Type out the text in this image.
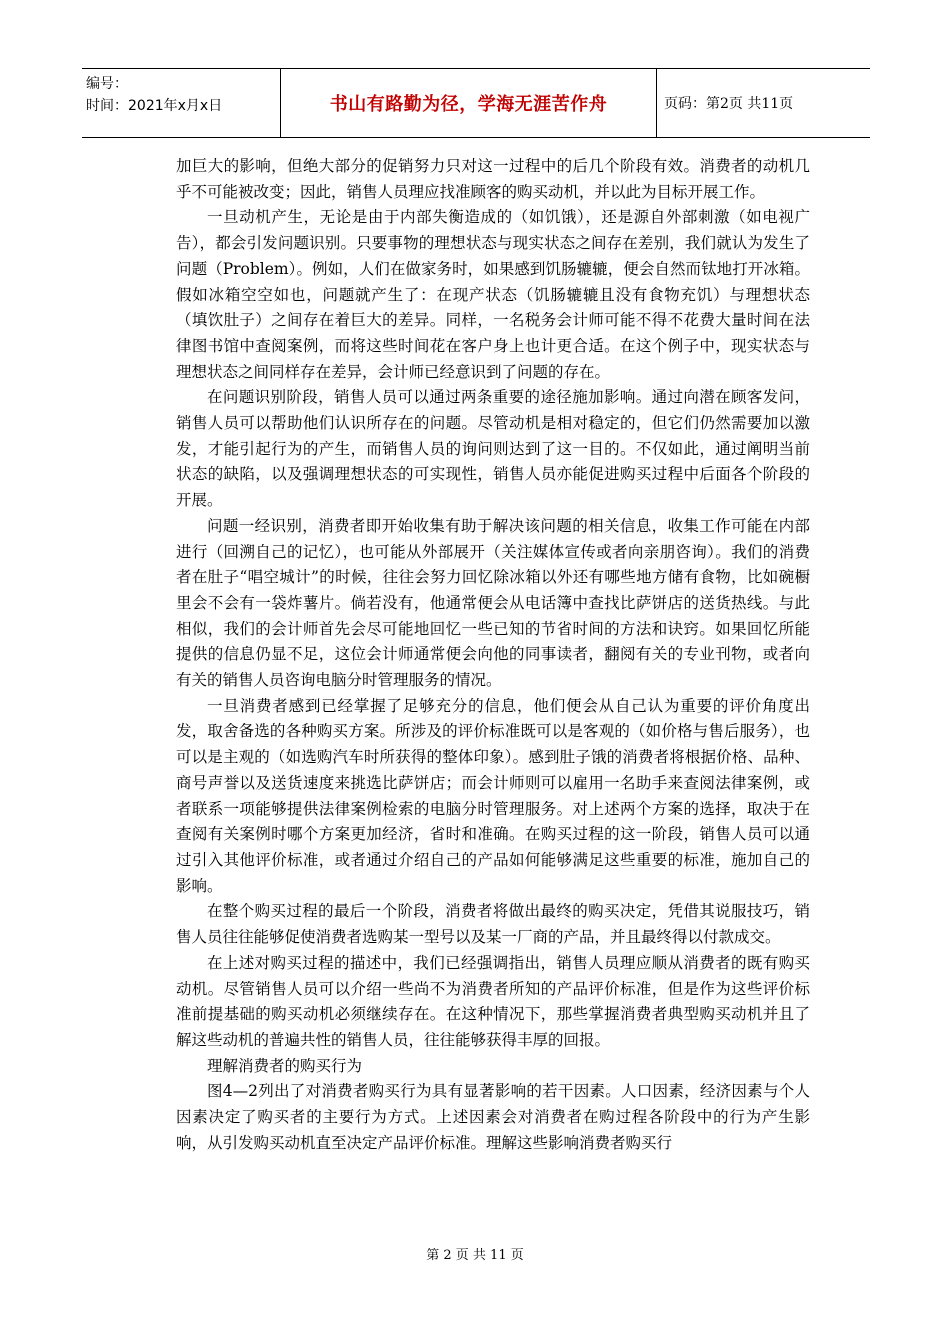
编号：
时间：2021年x月x日	书山有路勤为径，学海无涯苦作舟	页码：第2页 共11页

加巨大的影响，但绝大部分的促销努力只对这一过程中的后几个阶段有效。消费者的动机几乎不可能被改变；因此，销售人员理应找准顾客的购买动机，并以此为目标开展工作。

一旦动机产生，无论是由于内部失衡造成的（如饥饿），还是源自外部刺激（如电视广告），都会引发问题识别。只要事物的理想状态与现实状态之间存在差别，我们就认为发生了问题（Problem）。例如，人们在做家务时，如果感到饥肠辘辘，便会自然而钛地打开冰箱。假如冰箱空空如也，问题就产生了：在现产状态（饥肠辘辘且没有食物充饥）与理想状态（填饮肚子）之间存在着巨大的差异。同样，一名税务会计师可能不得不花费大量时间在法律图书馆中查阅案例，而将这些时间花在客户身上也计更合适。在这个例子中，现实状态与理想状态之间同样存在差异，会计师已经意识到了问题的存在。

在问题识别阶段，销售人员可以通过两条重要的途径施加影响。通过向潜在顾客发问，销售人员可以帮助他们认识所存在的问题。尽管动机是相对稳定的，但它们仍然需要加以激发，才能引起行为的产生，而销售人员的询问则达到了这一目的。不仅如此，通过阐明当前状态的缺陷，以及强调理想状态的可实现性，销售人员亦能促进购买过程中后面各个阶段的开展。

问题一经识别，消费者即开始收集有助于解决该问题的相关信息，收集工作可能在内部进行（回溯自己的记忆），也可能从外部展开（关注媒体宣传或者向亲朋咨询）。我们的消费者在肚子“唱空城计”的时候，往往会努力回忆除冰箱以外还有哪些地方储有食物，比如碗橱里会不会有一袋炸薯片。倘若没有，他通常便会从电话簿中查找比萨饼店的送货热线。与此相似，我们的会计师首先会尽可能地回忆一些已知的节省时间的方法和诀窍。如果回忆所能提供的信息仍显不足，这位会计师通常便会向他的同事读者，翻阅有关的专业刊物，或者向有关的销售人员咨询电脑分时管理服务的情况。

一旦消费者感到已经掌握了足够充分的信息，他们便会从自己认为重要的评价角度出发，取舍备选的各种购买方案。所涉及的评价标准既可以是客观的（如价格与售后服务），也可以是主观的（如选购汽车时所获得的整体印象）。感到肚子饿的消费者将根据价格、品种、商号声誉以及送货速度来挑选比萨饼店；而会计师则可以雇用一名助手来查阅法律案例，或者联系一项能够提供法律案例检索的电脑分时管理服务。对上述两个方案的选择，取决于在查阅有关案例时哪个方案更加经济，省时和准确。在购买过程的这一阶段，销售人员可以通过引入其他评价标准，或者通过介绍自己的产品如何能够满足这些重要的标准，施加自己的影响。

在整个购买过程的最后一个阶段，消费者将做出最终的购买决定，凭借其说服技巧，销售人员往往能够促使消费者选购某一型号以及某一厂商的产品，并且最终得以付款成交。

在上述对购买过程的描述中，我们已经强调指出，销售人员理应顺从消费者的既有购买动机。尽管销售人员可以介绍一些尚不为消费者所知的产品评价标准，但是作为这些评价标准前提基础的购买动机必须继续存在。在这种情况下，那些掌握消费者典型购买动机并且了解这些动机的普遍共性的销售人员，往往能够获得丰厚的回报。

理解消费者的购买行为

图4—2列出了对消费者购买行为具有显著影响的若干因素。人口因素，经济因素与个人因素决定了购买者的主要行为方式。上述因素会对消费者在购过程各阶段中的行为产生影响，从引发购买动机直至决定产品评价标准。理解这些影响消费者购买行

第 2 页 共 11 页
